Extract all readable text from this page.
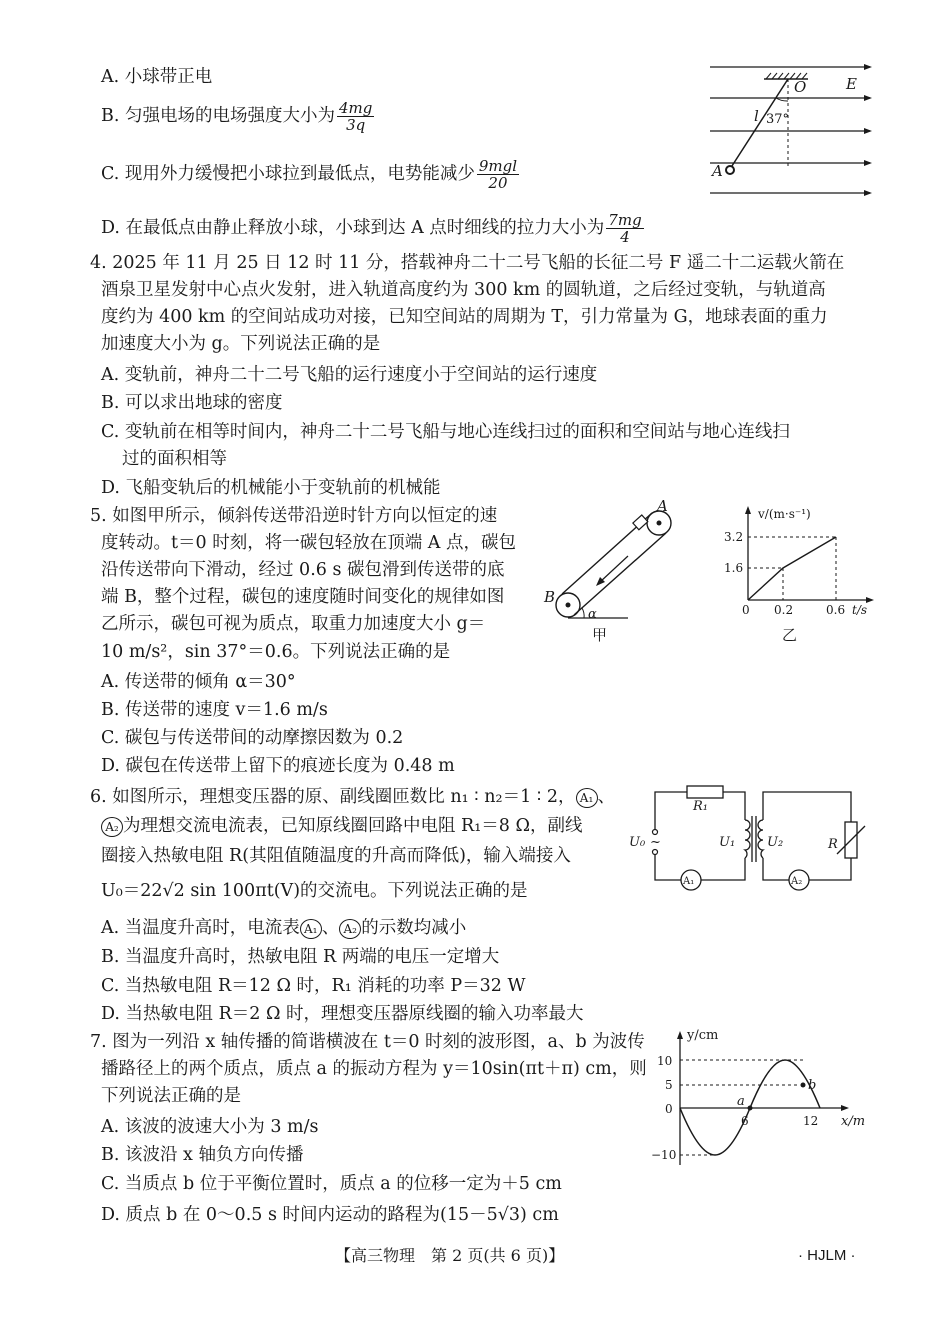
A. 小球带正电
B. 匀强电场的电场强度大小为 $\frac{4mg}{3q}$
C. 现用外力缓慢把小球拉到最低点，电势能减少 $\frac{\text{9mgl}}{20}$
D. 在最低点由静止释放小球，小球到达 A 点时细线的拉力大小为 $\frac{7mg}{4}$
O	E
l 37°
A
4. 2025 年 11 月 25 日 12 时 11 分，搭载神舟二十二号飞船的长征二号 F 遥二十二运载火箭在
酒泉卫星发射中心点火发射，进入轨道高度约为 300 km 的圆轨道，之后经过变轨，与轨道高
度约为 400 km 的空间站成功对接，已知空间站的周期为 T，引力常量为 G，地球表面的重力
加速度大小为 g。下列说法正确的是
A. 变轨前，神舟二十二号飞船的运行速度小于空间站的运行速度
B. 可以求出地球的密度
C. 变轨前在相等时间内，神舟二十二号飞船与地心连线扫过的面积和空间站与地心连线扫
过的面积相等
D. 飞船变轨后的机械能小于变轨前的机械能
5. 如图甲所示，倾斜传送带沿逆时针方向以恒定的速
度转动。t＝0 时刻，将一碳包轻放在顶端 A 点，碳包
沿传送带向下滑动，经过 0.6 s 碳包滑到传送带的底
端 B，整个过程，碳包的速度随时间变化的规律如图
乙所示，碳包可视为质点，取重力加速度大小 g＝
10 m/s²，sin 37°＝0.6。下列说法正确的是
A. 传送带的倾角 α＝30°
B. 传送带的速度 v＝1.6 m/s
C. 碳包与传送带间的动摩擦因数为 0.2
D. 碳包在传送带上留下的痕迹长度为 0.48 m
α
A
B
甲
v/(m·s⁻¹)
3.2
1.6
0 0.2	0.6 t/s
乙
6. 如图所示，理想变压器的原、副线圈匝数比 n₁ ∶ n₂＝1 ∶ 2， A₁ 、
A₂ 为理想交流电流表，已知原线圈回路中电阻 R₁＝8 Ω，副线
圈接入热敏电阻 R(其阻值随温度的升高而降低)，输入端接入
U₀＝22√2 sin 100πt(V)的交流电。下列说法正确的是
A. 当温度升高时，电流表 A₁ 、 A₂ 的示数均减小
B. 当温度升高时，热敏电阻 R 两端的电压一定增大
C. 当热敏电阻 R＝12 Ω 时，R₁ 消耗的功率 P＝32 W
D. 当热敏电阻 R＝2 Ω 时，理想变压器原线圈的输入功率最大
R₁
U₀ ~	U₁ U₂	R
A₁	A₂
7. 图为一列沿 x 轴传播的简谐横波在 t＝0 时刻的波形图，a、b 为波传
播路径上的两个质点，质点 a 的振动方程为 y＝10sin(πt＋π) cm，则
下列说法正确的是
A. 该波的波速大小为 3 m/s
B. 该波沿 x 轴负方向传播
C. 当质点 b 位于平衡位置时，质点 a 的位移一定为＋5 cm
D. 质点 b 在 0～0.5 s 时间内运动的路程为(15－5√3) cm
y/cm
10
5
0
−10
6	12 x/m
a
b
【高三物理　第 2 页(共 6 页)】	· HJLM ·
